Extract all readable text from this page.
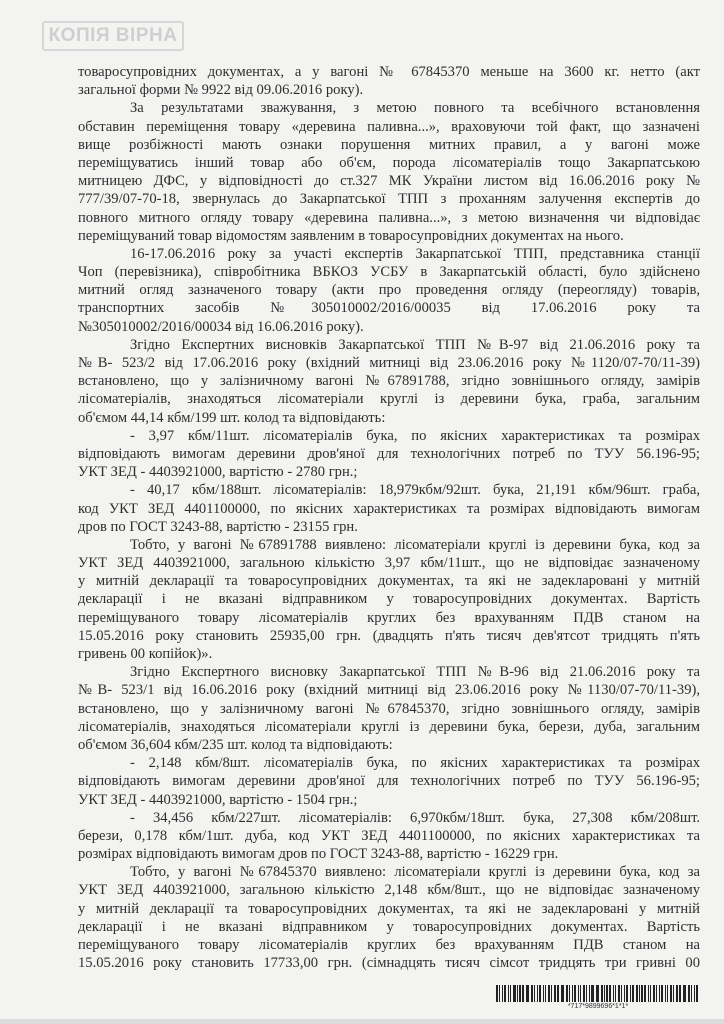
КОПІЯ ВІРНА
товаросупровідних документах, а у вагоні № 67845370 меньше на 3600 кг. нетто (акт
загальної форми № 9922 від 09.06.2016 року).
За результатами зважування, з метою повного та всебічного встановлення
обставин переміщення товару «деревина паливна...», враховуючи той факт, що зазначені
вище розбіжності мають ознаки порушення митних правил, а у вагоні може
переміщуватись інший товар або об'єм, порода лісоматеріалів тощо Закарпатською
митницею ДФС, у відповідності до ст.327 МК України листом від 16.06.2016 року №
777/39/07-70-18, звернулась до Закарпатської ТПП з проханням залучення експертів до
повного митного огляду товару «деревина паливна...», з метою визначення чи відповідає
переміщуваний товар відомостям заявленим в товаросупровідних документах на нього.
16-17.06.2016 року за участі експертів Закарпатської ТПП, представника станції
Чоп (перевізника), співробітника ВБКОЗ УСБУ в Закарпатській області, було здійснено
митний огляд зазначеного товару (акти про проведення огляду (переогляду) товарів,
транспортних засобів №305010002/2016/00035 від 17.06.2016 року та
№305010002/2016/00034 від 16.06.2016 року).
Згідно Експертних висновків Закарпатської ТПП №В-97 від 21.06.2016 року та
№В- 523/2 від 17.06.2016 року (вхідний митниці від 23.06.2016 року №1120/07-70/11-39)
встановлено, що у залізничному вагоні №67891788, згідно зовнішнього огляду, замірів
лісоматеріалів, знаходяться лісоматеріали круглі із деревини бука, граба, загальним
об'ємом 44,14 кбм/199 шт. колод та відповідають:
- 3,97 кбм/11шт. лісоматеріалів бука, по якісних характеристиках та розмірах
відповідають вимогам деревини дров'яної для технологічних потреб по ТУУ 56.196-95;
УКТ ЗЕД - 4403921000, вартістю - 2780 грн.;
- 40,17 кбм/188шт. лісоматеріалів: 18,979кбм/92шт. бука, 21,191 кбм/96шт. граба,
код УКТ ЗЕД 4401100000, по якісних характеристиках та розмірах відповідають вимогам
дров по ГОСТ 3243-88, вартістю - 23155 грн.
Тобто, у вагоні №67891788 виявлено: лісоматеріали круглі із деревини бука, код за
УКТ ЗЕД 4403921000, загальною кількістю 3,97 кбм/11шт., що не відповідає зазначеному
у митній декларації та товаросупровідних документах, та які не задекларовані у митній
декларації і не вказані відправником у товаросупровідних документах. Вартість
переміщуваного товару лісоматеріалів круглих без врахуванням ПДВ станом на
15.05.2016 року становить 25935,00 грн. (двадцять п'ять тисяч дев'ятсот тридцять п'ять
гривень 00 копійок)».
Згідно Експертного висновку Закарпатської ТПП №В-96 від 21.06.2016 року та
№В- 523/1 від 16.06.2016 року (вхідний митниці від 23.06.2016 року №1130/07-70/11-39),
встановлено, що у залізничному вагоні №67845370, згідно зовнішнього огляду, замірів
лісоматеріалів, знаходяться лісоматеріали круглі із деревини бука, берези, дуба, загальним
об'ємом 36,604 кбм/235 шт. колод та відповідають:
- 2,148 кбм/8шт. лісоматеріалів бука, по якісних характеристиках та розмірах
відповідають вимогам деревини дров'яної для технологічних потреб по ТУУ 56.196-95;
УКТ ЗЕД - 4403921000, вартістю - 1504 грн.;
- 34,456 кбм/227шт. лісоматеріалів: 6,970кбм/18шт. бука, 27,308 кбм/208шт.
берези, 0,178 кбм/1шт. дуба, код УКТ ЗЕД 4401100000, по якісних характеристиках та
розмірах відповідають вимогам дров по ГОСТ 3243-88, вартістю - 16229 грн.
Тобто, у вагоні №67845370 виявлено: лісоматеріали круглі із деревини бука, код за
УКТ ЗЕД 4403921000, загальною кількістю 2,148 кбм/8шт., що не відповідає зазначеному
у митній декларації та товаросупровідних документах, та які не задекларовані у митній
декларації і не вказані відправником у товаросупровідних документах. Вартість
переміщуваного товару лісоматеріалів круглих без врахуванням ПДВ станом на
15.05.2016 року становить 17733,00 грн. (сімнадцять тисяч сімсот тридцять три гривні 00
*717*9899696*1*1*
